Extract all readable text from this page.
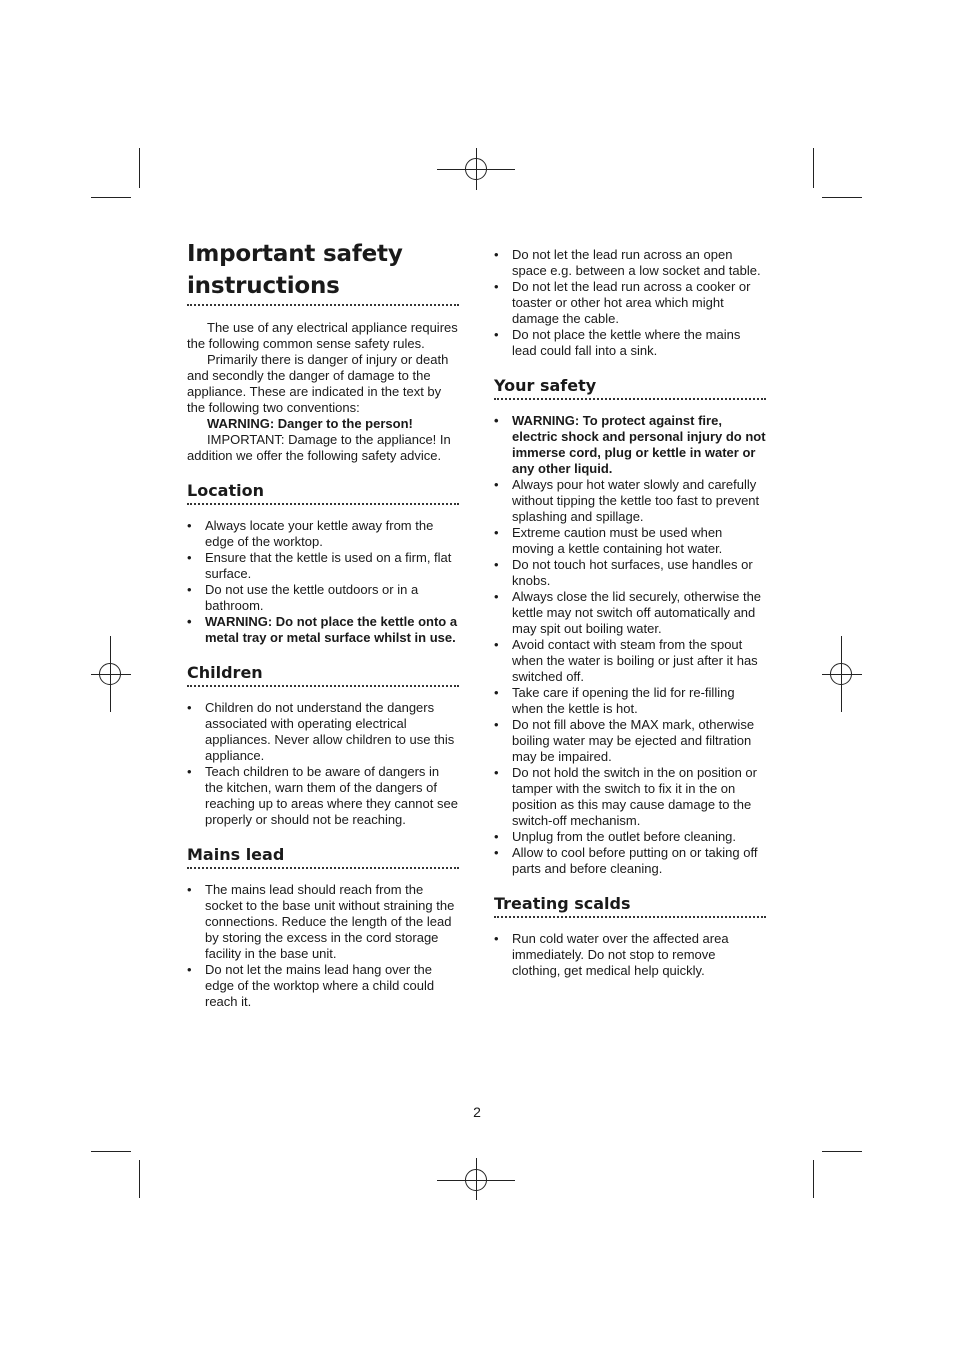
Important safety instructions

The use of any electrical appliance requires the following common sense safety rules.

Primarily there is danger of injury or death and secondly the danger of damage to the appliance. These are indicated in the text by the following two conventions:

WARNING: Danger to the person!

IMPORTANT: Damage to the appliance! In addition we offer the following safety advice.

Location
• Always locate your kettle away from the edge of the worktop.
• Ensure that the kettle is used on a firm, flat surface.
• Do not use the kettle outdoors or in a bathroom.
• WARNING: Do not place the kettle onto a metal tray or metal surface whilst in use.
Children
• Children do not understand the dangers associated with operating electrical appliances. Never allow children to use this appliance.
• Teach children to be aware of dangers in the kitchen, warn them of the dangers of reaching up to areas where they cannot see properly or should not be reaching.
Mains lead
• The mains lead should reach from the socket to the base unit without straining the connections. Reduce the length of the lead by storing the excess in the cord storage facility in the base unit.
• Do not let the mains lead hang over the edge of the worktop where a child could reach it.
• Do not let the lead run across an open space e.g. between a low socket and table.
• Do not let the lead run across a cooker or toaster or other hot area which might damage the cable.
• Do not place the kettle where the mains lead could fall into a sink.
Your safety
• WARNING: To protect against fire, electric shock and personal injury do not immerse cord, plug or kettle in water or any other liquid.
• Always pour hot water slowly and carefully without tipping the kettle too fast to prevent splashing and spillage.
• Extreme caution must be used when moving a kettle containing hot water.
• Do not touch hot surfaces, use handles or knobs.
• Always close the lid securely, otherwise the kettle may not switch off automatically and may spit out boiling water.
• Avoid contact with steam from the spout when the water is boiling or just after it has switched off.
• Take care if opening the lid for re-filling when the kettle is hot.
• Do not fill above the MAX mark, otherwise boiling water may be ejected and filtration may be impaired.
• Do not hold the switch in the on position or tamper with the switch to fix it in the on position as this may cause damage to the switch-off mechanism.
• Unplug from the outlet before cleaning.
• Allow to cool before putting on or taking off parts and before cleaning.
Treating scalds
• Run cold water over the affected area immediately. Do not stop to remove clothing, get medical help quickly.
2
